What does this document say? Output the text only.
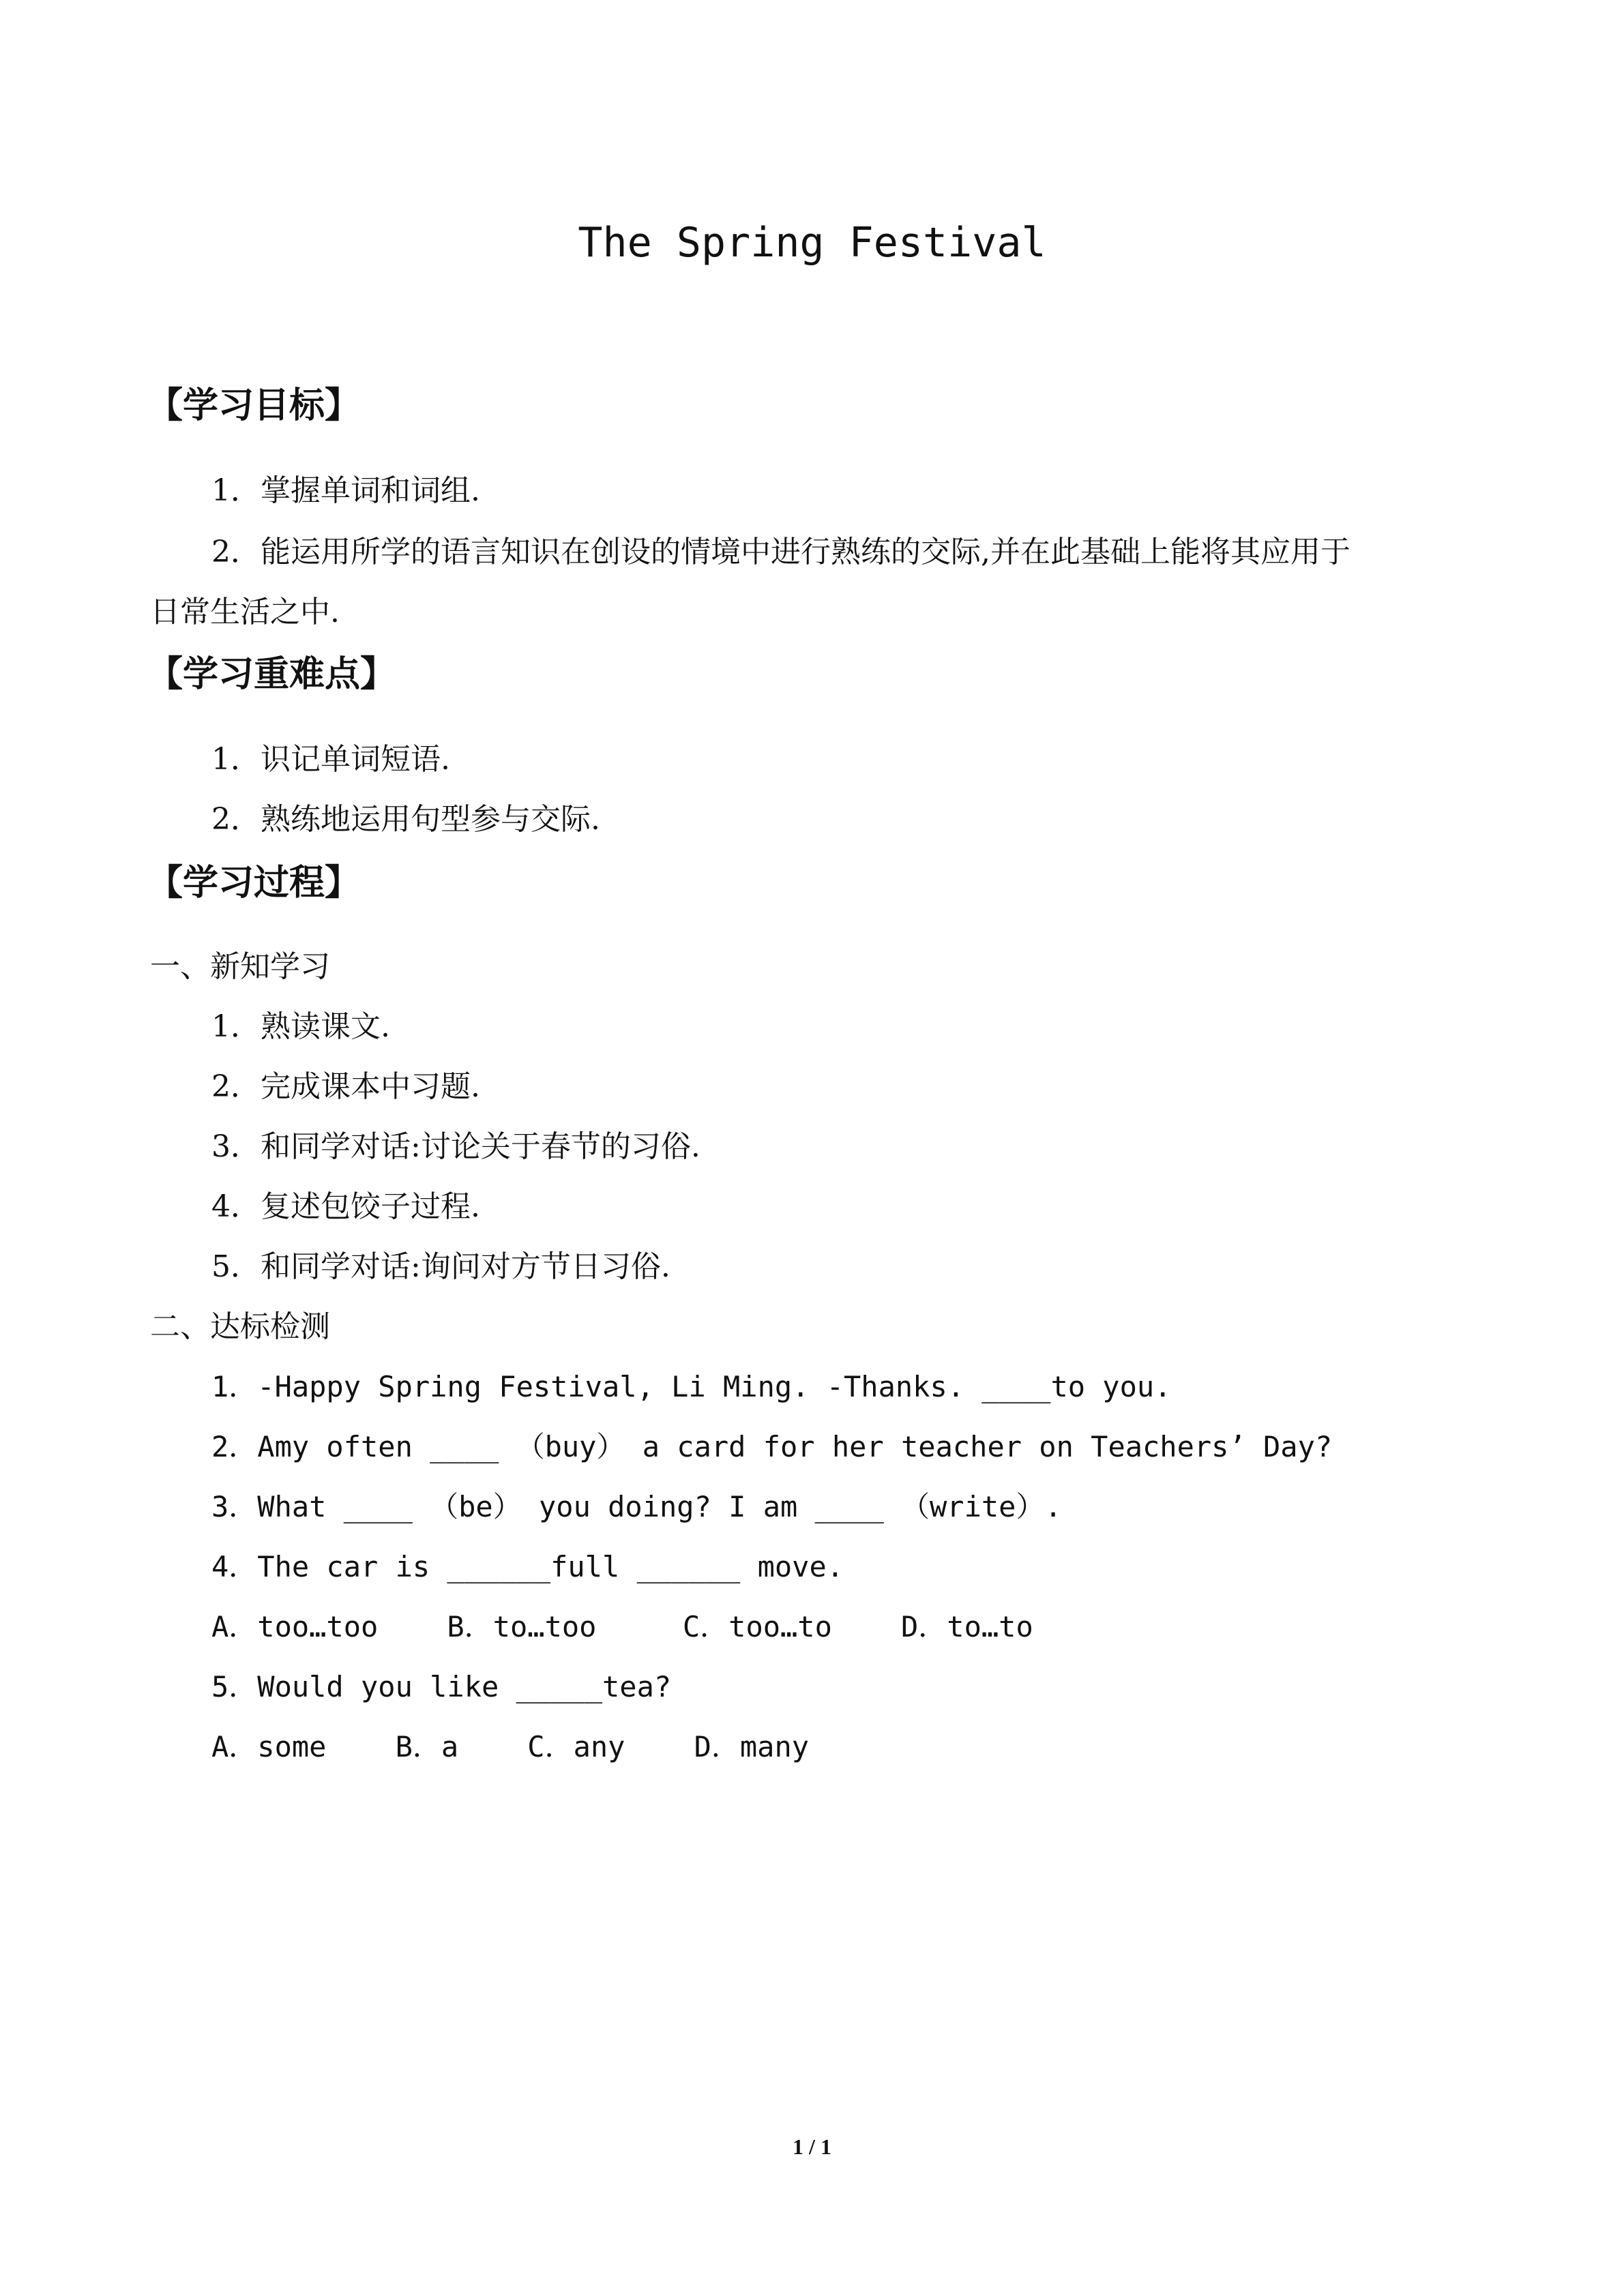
The Spring Festival
【学习目标】
1．掌握单词和词组.
2．能运用所学的语言知识在创设的情境中进行熟练的交际,并在此基础上能将其应用于
日常生活之中.
【学习重难点】
1．识记单词短语.
2．熟练地运用句型参与交际.
【学习过程】
一、新知学习
1．熟读课文.
2．完成课本中习题.
3．和同学对话:讨论关于春节的习俗.
4．复述包饺子过程.
5．和同学对话:询问对方节日习俗.
二、达标检测
1．-Happy Spring Festival, Li Ming. -Thanks. ____to you.
2．Amy often ____ （buy） a card for her teacher on Teachers’ Day?
3．What ____ （be） you doing? I am ____ （write）.
4．The car is ______full ______ move.
A．too…too    B．to…too     C．too…to    D．to…to
5．Would you like _____tea?
A．some    B．a    C．any    D．many
1 / 1
